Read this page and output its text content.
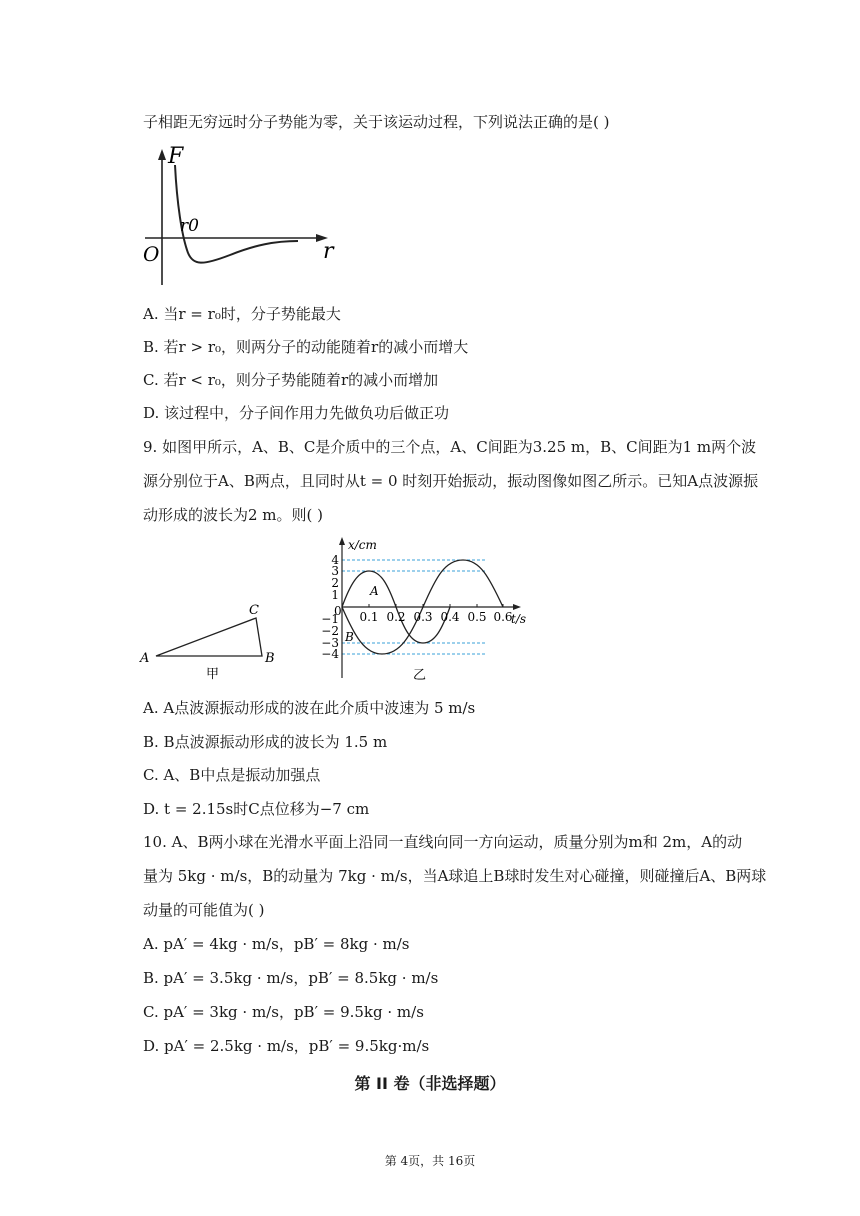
子相距无穷远时分子势能为零，关于该运动过程，下列说法正确的是( )
F
r
O
r0
A. 当r = r₀时，分子势能最大
B. 若r > r₀，则两分子的动能随着r的减小而增大
C. 若r < r₀，则分子势能随着r的减小而增加
D. 该过程中，分子间作用力先做负功后做正功
9. 如图甲所示，A、B、C是介质中的三个点，A、C间距为3.25 m，B、C间距为1 m两个波
源分别位于A、B两点，且同时从t = 0 时刻开始振动，振动图像如图乙所示。已知A点波源振
动形成的波长为2 m。则( )
A	B
C
甲
x/cm
t/s
0
4
3
2
1
−1
−2
−3
−4
0.1 0.2 0.3 0.4 0.5 0.6
A
B
乙
A. A点波源振动形成的波在此介质中波速为 5 m/s
B. B点波源振动形成的波长为 1.5 m
C. A、B中点是振动加强点
D. t = 2.15s时C点位移为−7 cm
10. A、B两小球在光滑水平面上沿同一直线向同一方向运动，质量分别为m和 2m，A的动
量为 5kg · m/s，B的动量为 7kg · m/s，当A球追上B球时发生对心碰撞，则碰撞后A、B两球
动量的可能值为( )
A. pA′ = 4kg · m/s，pB′ = 8kg · m/s
B. pA′ = 3.5kg · m/s，pB′ = 8.5kg · m/s
C. pA′ = 3kg · m/s，pB′ = 9.5kg · m/s
D. pA′ = 2.5kg · m/s，pB′ = 9.5kg·m/s
第 II 卷（非选择题）
第 4页，共 16页
